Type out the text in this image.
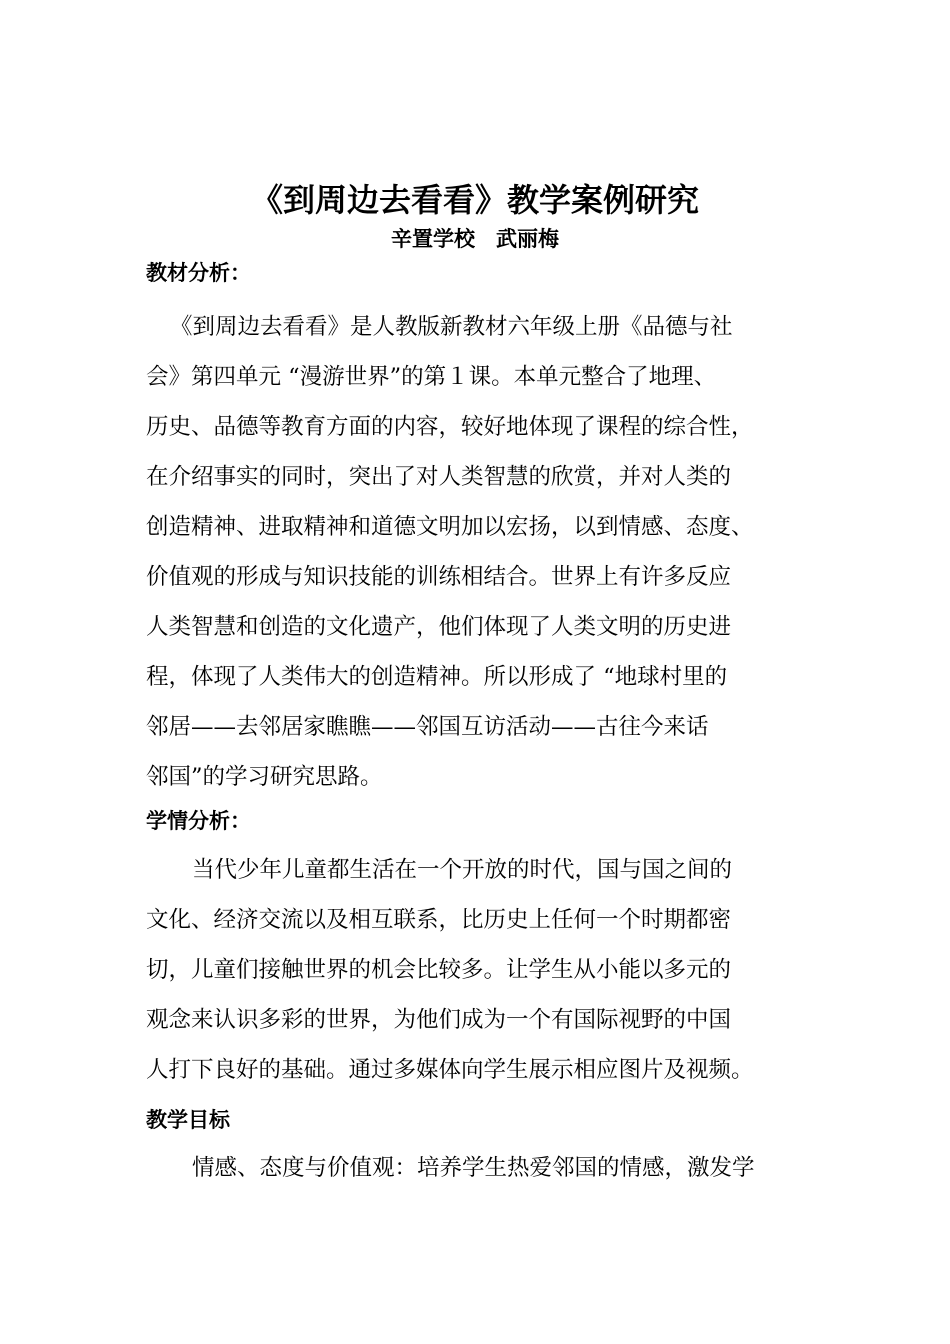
《到周边去看看》教学案例研究
辛置学校　武丽梅
教材分析：
《到周边去看看》是人教版新教材六年级上册《品德与社
会》第四单元 “漫游世界”的第１课。本单元整合了地理、
历史、品德等教育方面的内容，较好地体现了课程的综合性，
在介绍事实的同时，突出了对人类智慧的欣赏，并对人类的
创造精神、进取精神和道德文明加以宏扬，以到情感、态度、
价值观的形成与知识技能的训练相结合。世界上有许多反应
人类智慧和创造的文化遗产，他们体现了人类文明的历史进
程，体现了人类伟大的创造精神。所以形成了 “地球村里的
邻居——去邻居家瞧瞧——邻国互访活动——古往今来话
邻国”的学习研究思路。
学情分析：
当代少年儿童都生活在一个开放的时代，国与国之间的
文化、经济交流以及相互联系，比历史上任何一个时期都密
切，儿童们接触世界的机会比较多。让学生从小能以多元的
观念来认识多彩的世界，为他们成为一个有国际视野的中国
人打下良好的基础。通过多媒体向学生展示相应图片及视频。
教学目标
情感、态度与价值观：培养学生热爱邻国的情感，激发学
